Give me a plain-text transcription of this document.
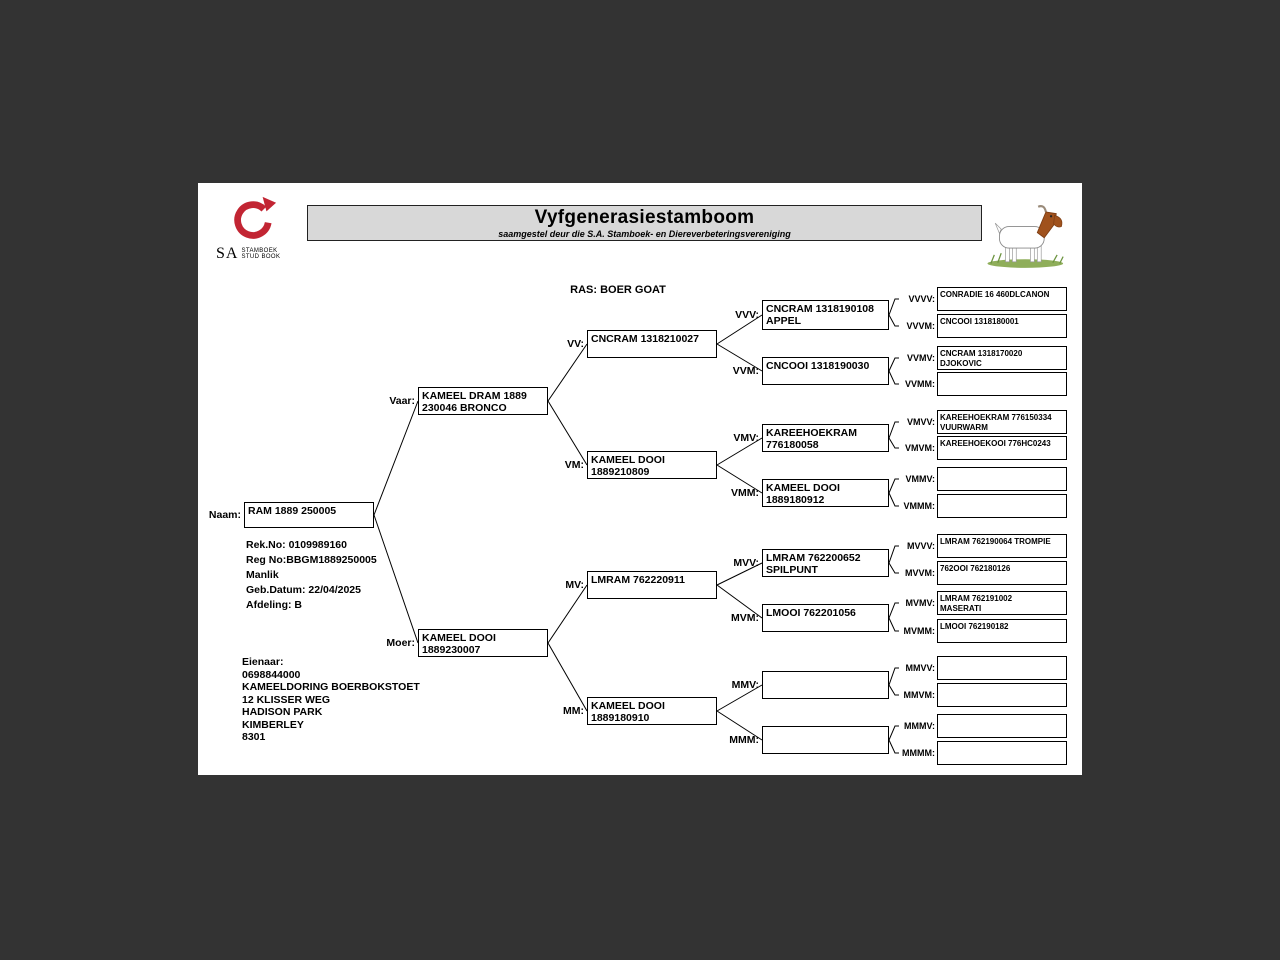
SA STAMBOEK
STUD BOOK
Vyfgenerasiestamboom
saamgestel deur die S.A. Stamboek- en Diereverbeteringsvereniging
RAS: BOER GOAT
Naam: RAM 1889 250005
Rek.No: 0109989160
Reg No:BBGM1889250005
Manlik
Geb.Datum: 22/04/2025
Afdeling: B
Eienaar:
0698844000
KAMEELDORING BOERBOKSTOET
12 KLISSER WEG
HADISON PARK
KIMBERLEY
8301
Vaar: KAMEEL DRAM 1889
230046 BRONCO
Moer: KAMEEL DOOI
1889230007
VV: CNCRAM 1318210027
VM: KAMEEL DOOI
1889210809
MV: LMRAM 762220911
MM: KAMEEL DOOI
1889180910
VVV: CNCRAM 1318190108
APPEL
VVM: CNCOOI 1318190030
VMV: KAREEHOEKRAM
776180058
VMM: KAMEEL DOOI
1889180912
MVV: LMRAM 762200652
SPILPUNT
MVM: LMOOI 762201056
MMV:
MMM:
VVVV: CONRADIE 16 460DLCANON
VVVM: CNCOOI 1318180001
VVMV: CNCRAM 1318170020
DJOKOVIC
VVMM:
VMVV: KAREEHOEKRAM 776150334
VUURWARM
VMVM: KAREEHOEKOOI 776HC0243
VMMV:
VMMM:
MVVV: LMRAM 762190064 TROMPIE
MVVM: 762OOI 762180126
MVMV: LMRAM 762191002
MASERATI
MVMM: LMOOI 762190182
MMVV:
MMVM:
MMMV:
MMMM:
